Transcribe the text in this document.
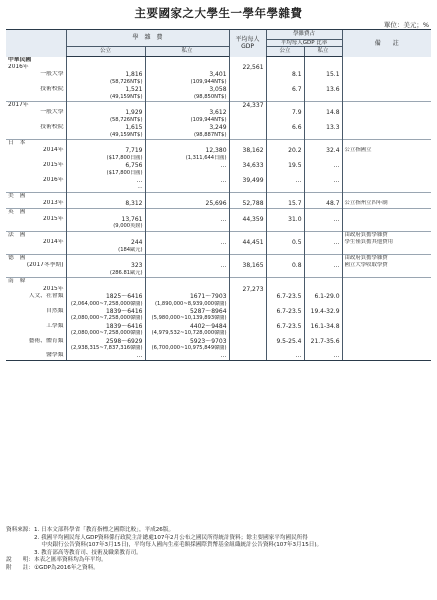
主要國家之大學生一學年學雜費
單位：美元；%
	學　雜　費		平均每人GDP	學雜費占		備　　註
				平均每人GDP 比率		
	公立	私立		公立	私立	
中華民國						
2016年			22,561			
一般大學	1,816	3,401		8.1	15.1	
	(58,726NT$)	(109,944NT$)				
技術校院	1,521	3,058		6.7	13.6	
	(49,159NT$)	(98,850NT$)				
2017年			24,337			
一般大學	1,929	3,612		7.9	14.8	
	(58,726NT$)	(109,944NT$)				
技術校院	1,615	3,249		6.6	13.3	
	(49,159NT$)	(98,887NT$)				
日　本						
2014年	7,719	12,380	38,162	20.2	32.4	公立指國立
	($17,800日圓)	(1,311,644日圓)				
2015年	6,756	…	34,633	19.5	…	
	($17,800日圓)					
2016年	…	…	39,499	…	…	
	…					
美　國						
2013年	8,312	25,696	52,788	15.7	48.7	公立指州立四年制
英　國						
2015年	13,761	…	44,359	31.0	…	
	(9,000英鎊)					
法　國						由政府負擔學雜費
2014年	244	…	44,451	0.5	…	學生僅負擔其他費用
	(184歐元)					
德　國						由政府負擔學雜費
(2017冬季期)	323	…	38,165	0.8	…	國立大學收取學費
	(286.81歐元)					
南　韓						
2015年			27,273			
人文、社會類	1825～6416	1671～7903		6.7-23.5	6.1-29.0	
	(2,064,000~7,258,000韓圜)	(1,890,000~8,939,000韓圜)				
自然類	1839～6416	5287～8964		6.7-23.5	19.4-32.9	
	(2,080,000~7,258,000韓圜)	(5,980,000~10,139,893韓圜)				
工學類	1839～6416	4402～9484		6.7-23.5	16.1-34.8	
	(2,080,000~7,258,000韓圜)	(4,979,532~10,728,000韓圜)				
藝術、體育類	2598～6929	5923～9703		9.5-25.4	21.7-35.6	
	(2,938,315~7,837,316韓圜)	(6,700,000~10,975,849韓圜)				
醫學類	…	…		…	…	
資料來源：1. 日本文部科學省「教育指標之國際比較」，平成26版。
　　　　　2. 我國平均國民每人GDP資料係行政院主計總處107年2月公布之國民所得統計資料；餘主要國家平均國民所得
　　　　　　 中央銀行公告資料(107年3月15日)，平均每人國內生產毛額採國際貨幣基金組織統計公告資料(107年3月15日)。
　　　　　3. 教育部高等教育司、技術及職業教育司。
說　　明：本表之匯率資料均為年平均。
附　　註：①GDP為2016年之資料。
